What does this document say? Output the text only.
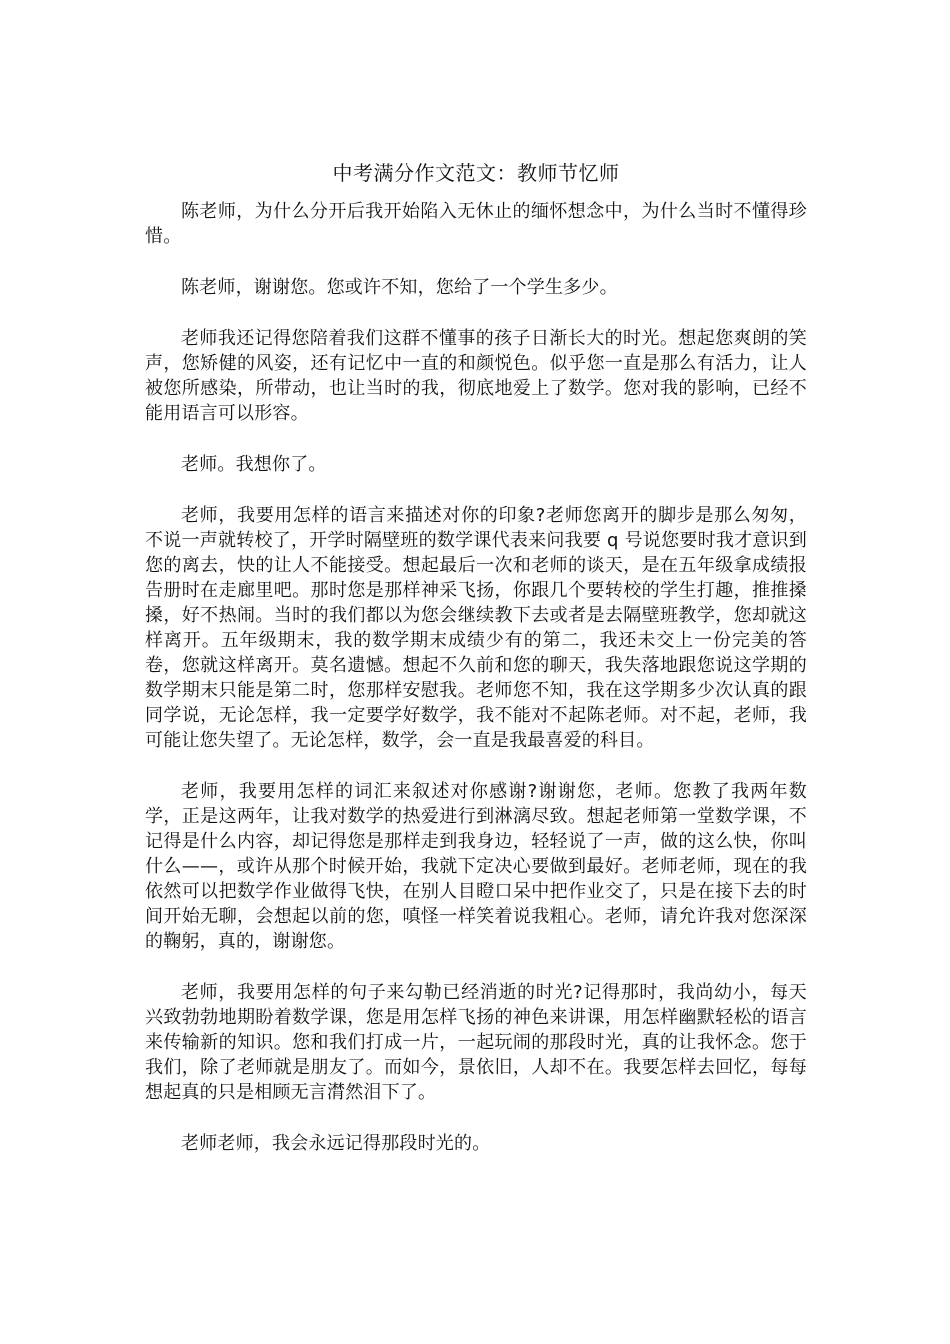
中考满分作文范文：教师节忆师

陈老师，为什么分开后我开始陷入无休止的缅怀想念中，为什么当时不懂得珍惜。

陈老师，谢谢您。您或许不知，您给了一个学生多少。

老师我还记得您陪着我们这群不懂事的孩子日渐长大的时光。想起您爽朗的笑声，您矫健的风姿，还有记忆中一直的和颜悦色。似乎您一直是那么有活力，让人被您所感染，所带动，也让当时的我，彻底地爱上了数学。您对我的影响，已经不能用语言可以形容。

老师。我想你了。

老师，我要用怎样的语言来描述对你的印象?老师您离开的脚步是那么匆匆，不说一声就转校了，开学时隔壁班的数学课代表来问我要 q 号说您要时我才意识到您的离去，快的让人不能接受。想起最后一次和老师的谈天，是在五年级拿成绩报告册时在走廊里吧。那时您是那样神采飞扬，你跟几个要转校的学生打趣，推推搡搡，好不热闹。当时的我们都以为您会继续教下去或者是去隔壁班教学，您却就这样离开。五年级期末，我的数学期末成绩少有的第二，我还未交上一份完美的答卷，您就这样离开。莫名遗憾。想起不久前和您的聊天，我失落地跟您说这学期的数学期末只能是第二时，您那样安慰我。老师您不知，我在这学期多少次认真的跟同学说，无论怎样，我一定要学好数学，我不能对不起陈老师。对不起，老师，我可能让您失望了。无论怎样，数学，会一直是我最喜爱的科目。

老师，我要用怎样的词汇来叙述对你感谢?谢谢您，老师。您教了我两年数学，正是这两年，让我对数学的热爱进行到淋漓尽致。想起老师第一堂数学课，不记得是什么内容，却记得您是那样走到我身边，轻轻说了一声，做的这么快，你叫什么——，或许从那个时候开始，我就下定决心要做到最好。老师老师，现在的我依然可以把数学作业做得飞快，在别人目瞪口呆中把作业交了，只是在接下去的时间开始无聊，会想起以前的您，嗔怪一样笑着说我粗心。老师，请允许我对您深深的鞠躬，真的，谢谢您。

老师，我要用怎样的句子来勾勒已经消逝的时光?记得那时，我尚幼小，每天兴致勃勃地期盼着数学课，您是用怎样飞扬的神色来讲课，用怎样幽默轻松的语言来传输新的知识。您和我们打成一片，一起玩闹的那段时光，真的让我怀念。您于我们，除了老师就是朋友了。而如今，景依旧，人却不在。我要怎样去回忆，每每想起真的只是相顾无言潸然泪下了。

老师老师，我会永远记得那段时光的。
